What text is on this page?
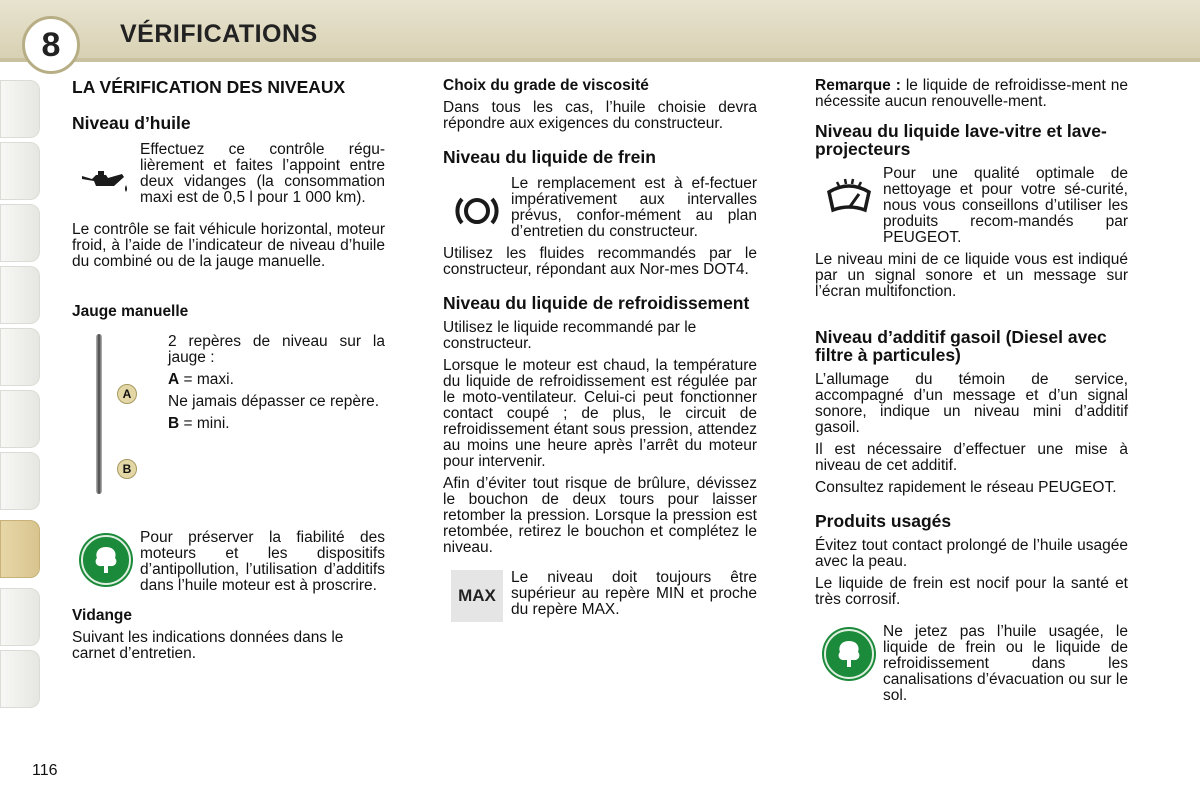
8	VÉRIFICATIONS
LA VÉRIFICATION DES NIVEAUX
Niveau d’huile

Effectuez ce contrôle régu-lièrement et faites l’appoint entre deux vidanges (la consommation maxi est de 0,5 l pour 1 000 km).

Le contrôle se fait véhicule horizontal, moteur froid, à l’aide de l’indicateur de niveau d’huile du combiné ou de la jauge manuelle.

Jauge manuelle
A
B

2 repères de niveau sur la jauge :

A = maxi.

Ne jamais dépasser ce repère.

B = mini.

Pour préserver la fiabilité des moteurs et les dispositifs d’antipollution, l’utilisation d’additifs dans l’huile moteur est à proscrire.

Vidange

Suivant les indications données dans le carnet d’entretien.

Choix du grade de viscosité

Dans tous les cas, l’huile choisie devra répondre aux exigences du constructeur.

Niveau du liquide de frein

Le remplacement est à ef-fectuer impérativement aux intervalles prévus, confor-mément au plan d’entretien du constructeur.

Utilisez les fluides recommandés par le constructeur, répondant aux Nor-mes DOT4.

Niveau du liquide de refroidissement

Utilisez le liquide recommandé par le constructeur.

Lorsque le moteur est chaud, la température du liquide de refroidissement est régulée par le moto-ventilateur. Celui-ci peut fonctionner contact coupé ; de plus, le circuit de refroidissement étant sous pression, attendez au moins une heure après l’arrêt du moteur pour intervenir.

Afin d’éviter tout risque de brûlure, dévissez le bouchon de deux tours pour laisser retomber la pression. Lorsque la pression est retombée, retirez le bouchon et complétez le niveau.

MAX

Le niveau doit toujours être supérieur au repère MIN et proche du repère MAX.

Remarque : le liquide de refroidisse-ment ne nécessite aucun renouvelle-ment.

Niveau du liquide lave-vitre et lave-projecteurs

Pour une qualité optimale de nettoyage et pour votre sé-curité, nous vous conseillons d’utiliser les produits recom-mandés par PEUGEOT.

Le niveau mini de ce liquide vous est indiqué par un signal sonore et un message sur l’écran multifonction.

Niveau d’additif gasoil (Diesel avec filtre à particules)

L’allumage du témoin de service, accompagné d’un message et d’un signal sonore, indique un niveau mini d’additif gasoil.

Il est nécessaire d’effectuer une mise à niveau de cet additif.

Consultez rapidement le réseau PEUGEOT.

Produits usagés

Évitez tout contact prolongé de l’huile usagée avec la peau.

Le liquide de frein est nocif pour la santé et très corrosif.

Ne jetez pas l’huile usagée, le liquide de frein ou le liquide de refroidissement dans les canalisations d’évacuation ou sur le sol.

116
